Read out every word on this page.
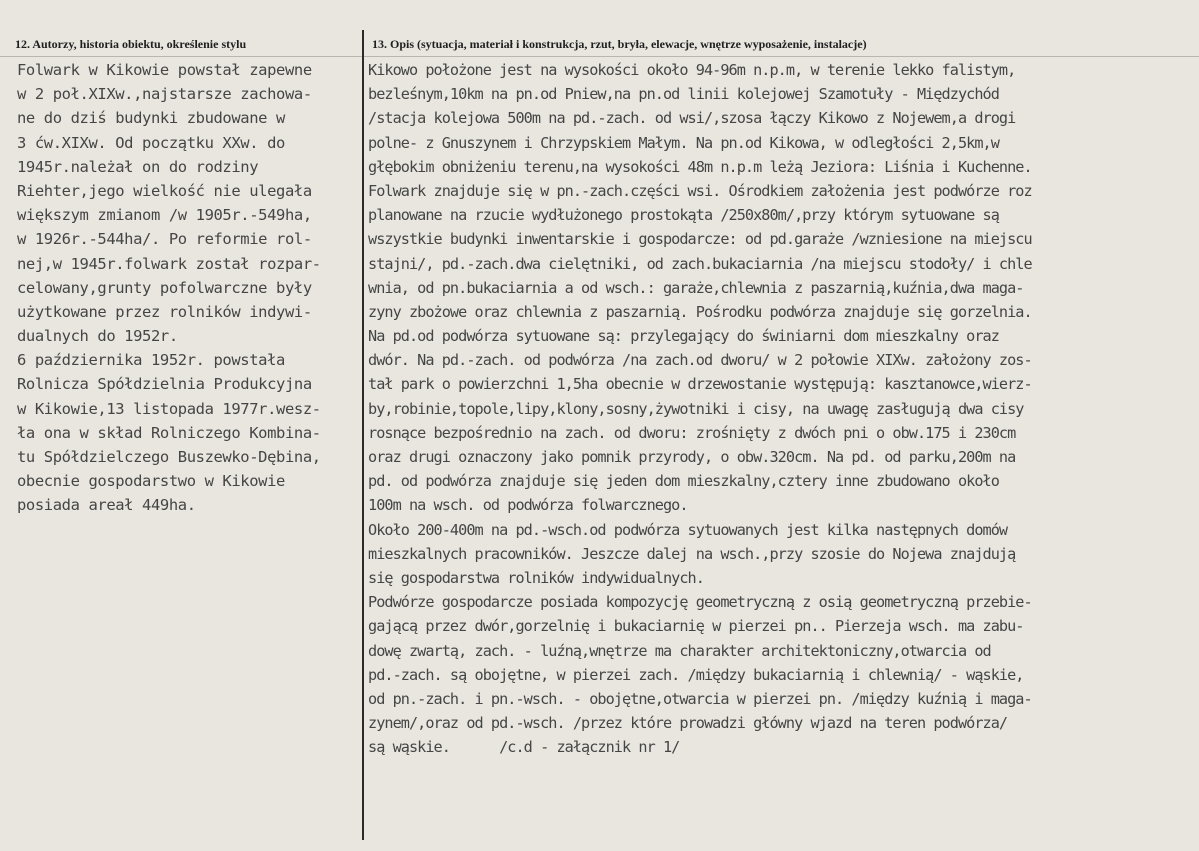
12. Autorzy, historia obiektu, określenie stylu	13. Opis (sytuacja, materiał i konstrukcja, rzut, bryła, elewacje, wnętrze wyposażenie, instalacje)
Folwark w Kikowie powstał zapewne
w 2 poł.XIXw.,najstarsze zachowa-
ne do dziś budynki zbudowane w
3 ćw.XIXw. Od początku XXw. do
1945r.należał on do rodziny
Riehter,jego wielkość nie ulegała
większym zmianom /w 1905r.-549ha,
w 1926r.-544ha/. Po reformie rol-
nej,w 1945r.folwark został rozpar-
celowany,grunty pofolwarczne były
użytkowane przez rolników indywi-
dualnych do 1952r.
6 października 1952r. powstała
Rolnicza Spółdzielnia Produkcyjna
w Kikowie,13 listopada 1977r.wesz-
ła ona w skład Rolniczego Kombina-
tu Spółdzielczego Buszewko-Dębina,
obecnie gospodarstwo w Kikowie
posiada areał 449ha.
Kikowo położone jest na wysokości około 94-96m n.p.m, w terenie lekko falistym,
bezleśnym,10km na pn.od Pniew,na pn.od linii kolejowej Szamotuły - Międzychód
/stacja kolejowa 500m na pd.-zach. od wsi/,szosa łączy Kikowo z Nojewem,a drogi
polne- z Gnuszynem i Chrzypskiem Małym. Na pn.od Kikowa, w odległości 2,5km,w
głębokim obniżeniu terenu,na wysokości 48m n.p.m leżą Jeziora: Liśnia i Kuchenne.
Folwark znajduje się w pn.-zach.części wsi. Ośrodkiem założenia jest podwórze roz
planowane na rzucie wydłużonego prostokąta /250x80m/,przy którym sytuowane są
wszystkie budynki inwentarskie i gospodarcze: od pd.garaże /wzniesione na miejscu
stajni/, pd.-zach.dwa cielętniki, od zach.bukaciarnia /na miejscu stodoły/ i chle
wnia, od pn.bukaciarnia a od wsch.: garaże,chlewnia z paszarnią,kuźnia,dwa maga-
zyny zbożowe oraz chlewnia z paszarnią. Pośrodku podwórza znajduje się gorzelnia.
Na pd.od podwórza sytuowane są: przylegający do świniarni dom mieszkalny oraz
dwór. Na pd.-zach. od podwórza /na zach.od dworu/ w 2 połowie XIXw. założony zos-
tał park o powierzchni 1,5ha obecnie w drzewostanie występują: kasztanowce,wierz-
by,robinie,topole,lipy,klony,sosny,żywotniki i cisy, na uwagę zasługują dwa cisy
rosnące bezpośrednio na zach. od dworu: zrośnięty z dwóch pni o obw.175 i 230cm
oraz drugi oznaczony jako pomnik przyrody, o obw.320cm. Na pd. od parku,200m na
pd. od podwórza znajduje się jeden dom mieszkalny,cztery inne zbudowano około
100m na wsch. od podwórza folwarcznego.
Około 200-400m na pd.-wsch.od podwórza sytuowanych jest kilka następnych domów
mieszkalnych pracowników. Jeszcze dalej na wsch.,przy szosie do Nojewa znajdują
się gospodarstwa rolników indywidualnych.
Podwórze gospodarcze posiada kompozycję geometryczną z osią geometryczną przebie-
gającą przez dwór,gorzelnię i bukaciarnię w pierzei pn.. Pierzeja wsch. ma zabu-
dowę zwartą, zach. - luźną,wnętrze ma charakter architektoniczny,otwarcia od
pd.-zach. są obojętne, w pierzei zach. /między bukaciarnią i chlewnią/ - wąskie,
od pn.-zach. i pn.-wsch. - obojętne,otwarcia w pierzei pn. /między kuźnią i maga-
zynem/,oraz od pd.-wsch. /przez które prowadzi główny wjazd na teren podwórza/
są wąskie.      /c.d - załącznik nr 1/
